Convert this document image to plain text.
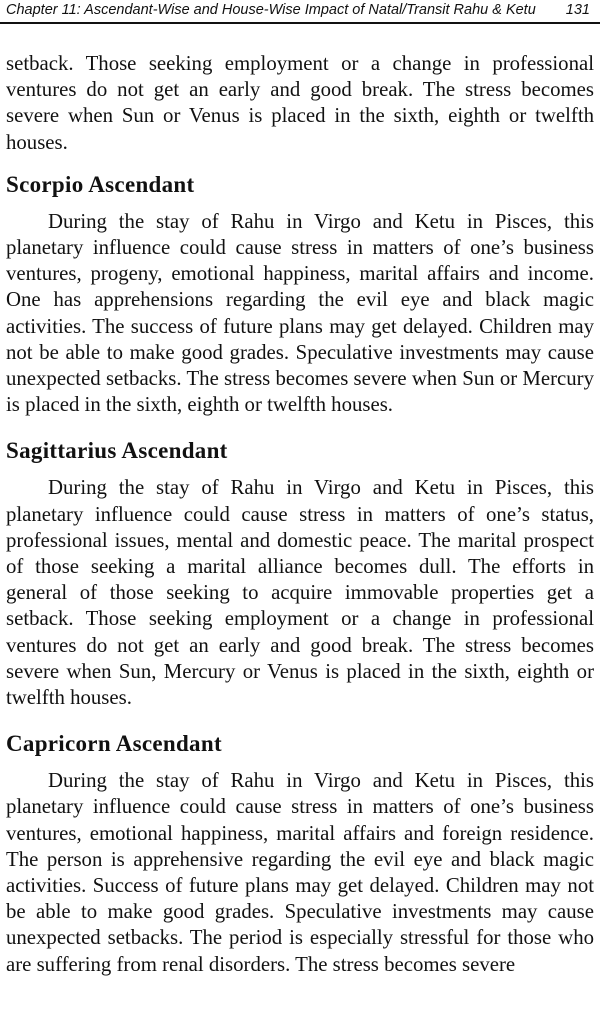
Chapter 11: Ascendant-Wise and House-Wise Impact of Natal/Transit Rahu & Ketu 131

setback. Those seeking employment or a change in professional ventures do not get an early and good break. The stress becomes severe when Sun or Venus is placed in the sixth, eighth or twelfth houses.

Scorpio Ascendant

During the stay of Rahu in Virgo and Ketu in Pisces, this planetary influence could cause stress in matters of one’s business ventures, progeny, emotional happiness, marital affairs and income. One has apprehensions regarding the evil eye and black magic activities. The success of future plans may get delayed. Children may not be able to make good grades. Speculative investments may cause unexpected setbacks. The stress becomes severe when Sun or Mercury is placed in the sixth, eighth or twelfth houses.

Sagittarius Ascendant

During the stay of Rahu in Virgo and Ketu in Pisces, this planetary influence could cause stress in matters of one’s status, professional issues, mental and domestic peace. The marital prospect of those seeking a marital alliance becomes dull. The efforts in general of those seeking to acquire immovable properties get a setback. Those seeking employment or a change in professional ventures do not get an early and good break. The stress becomes severe when Sun, Mercury or Venus is placed in the sixth, eighth or twelfth houses.

Capricorn Ascendant

During the stay of Rahu in Virgo and Ketu in Pisces, this planetary influence could cause stress in matters of one’s business ventures, emotional happiness, marital affairs and foreign residence. The person is apprehensive regarding the evil eye and black magic activities. Success of future plans may get delayed. Children may not be able to make good grades. Speculative investments may cause unexpected setbacks. The period is especially stressful for those who are suffering from renal disorders. The stress becomes severe
